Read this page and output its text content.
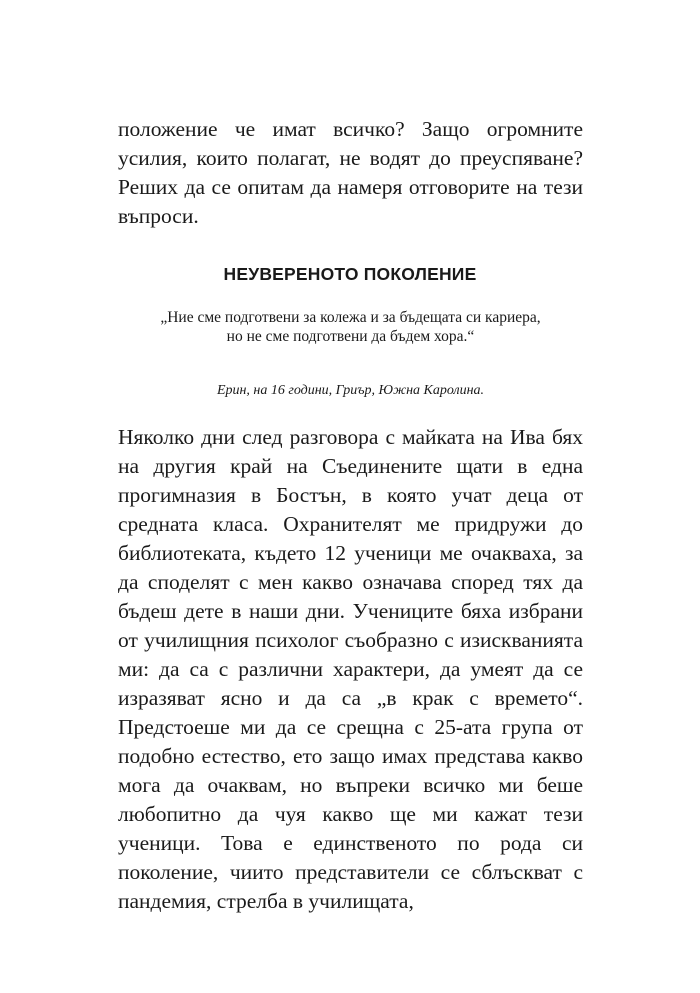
положение че имат всичко? Защо огромните усилия, които полагат, не водят до преуспяване? Реших да се опитам да намеря отговорите на тези въпроси.

НЕУВЕРЕНОТО ПОКОЛЕНИЕ
„Ние сме подготвени за колежа и за бъдещата си кариера,
но не сме подготвени да бъдем хора.“

Ерин, на 16 години, Гриър, Южна Каролина.

Няколко дни след разговора с майката на Ива бях на другия край на Съединените щати в една прогимназия в Бостън, в която учат деца от средната класа. Охранителят ме придружи до библиотеката, където 12 ученици ме очакваха, за да споделят с мен какво означава според тях да бъдеш дете в наши дни. Учениците бяха избрани от училищния психолог съобразно с изискванията ми: да са с различни характери, да умеят да се изразяват ясно и да са „в крак с времето“. Предстоеше ми да се срещна с 25-ата група от подобно естество, ето защо имах представа какво мога да очаквам, но въпреки всичко ми беше любопитно да чуя какво ще ми кажат тези ученици. Това е единственото по рода си поколение, чиито представители се сблъскват с пандемия, стрелба в училищата,
